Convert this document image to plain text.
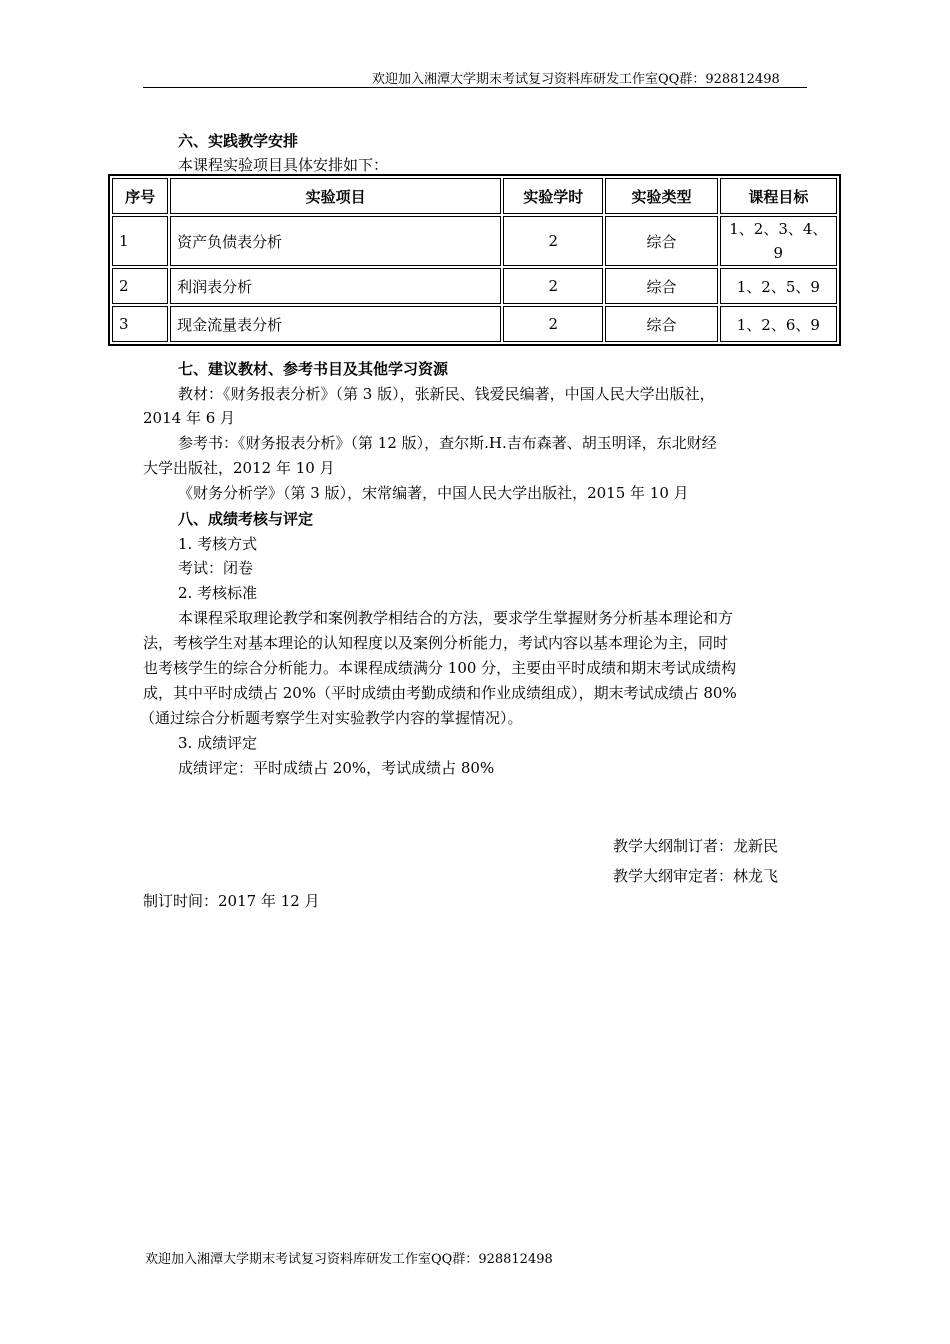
欢迎加入湘潭大学期末考试复习资料库研发工作室QQ群：928812498
六、实践教学安排
本课程实验项目具体安排如下：
序号	实验项目	实验学时	实验类型	课程目标
1	资产负债表分析	2	综合	1、2、3、4、
9

2	利润表分析	2	综合	1、2、5、9
3	现金流量表分析	2	综合	1、2、6、9
七、建议教材、参考书目及其他学习资源
教材：《财务报表分析》（第 3 版），张新民、钱爱民编著，中国人民大学出版社，
2014 年 6 月
参考书：《财务报表分析》（第 12 版），查尔斯.H.吉布森著、胡玉明译，东北财经
大学出版社，2012 年 10 月
《财务分析学》（第 3 版），宋常编著，中国人民大学出版社，2015 年 10 月
八、成绩考核与评定
1. 考核方式
考试：闭卷
2. 考核标准
本课程采取理论教学和案例教学相结合的方法，要求学生掌握财务分析基本理论和方
法，考核学生对基本理论的认知程度以及案例分析能力，考试内容以基本理论为主，同时
也考核学生的综合分析能力。本课程成绩满分 100 分，主要由平时成绩和期末考试成绩构
成，其中平时成绩占 20%（平时成绩由考勤成绩和作业成绩组成），期末考试成绩占 80%
（通过综合分析题考察学生对实验教学内容的掌握情况）。
3. 成绩评定
成绩评定：平时成绩占 20%，考试成绩占 80%
教学大纲制订者：龙新民
教学大纲审定者：林龙飞
制订时间：2017 年 12 月
欢迎加入湘潭大学期末考试复习资料库研发工作室QQ群：928812498
